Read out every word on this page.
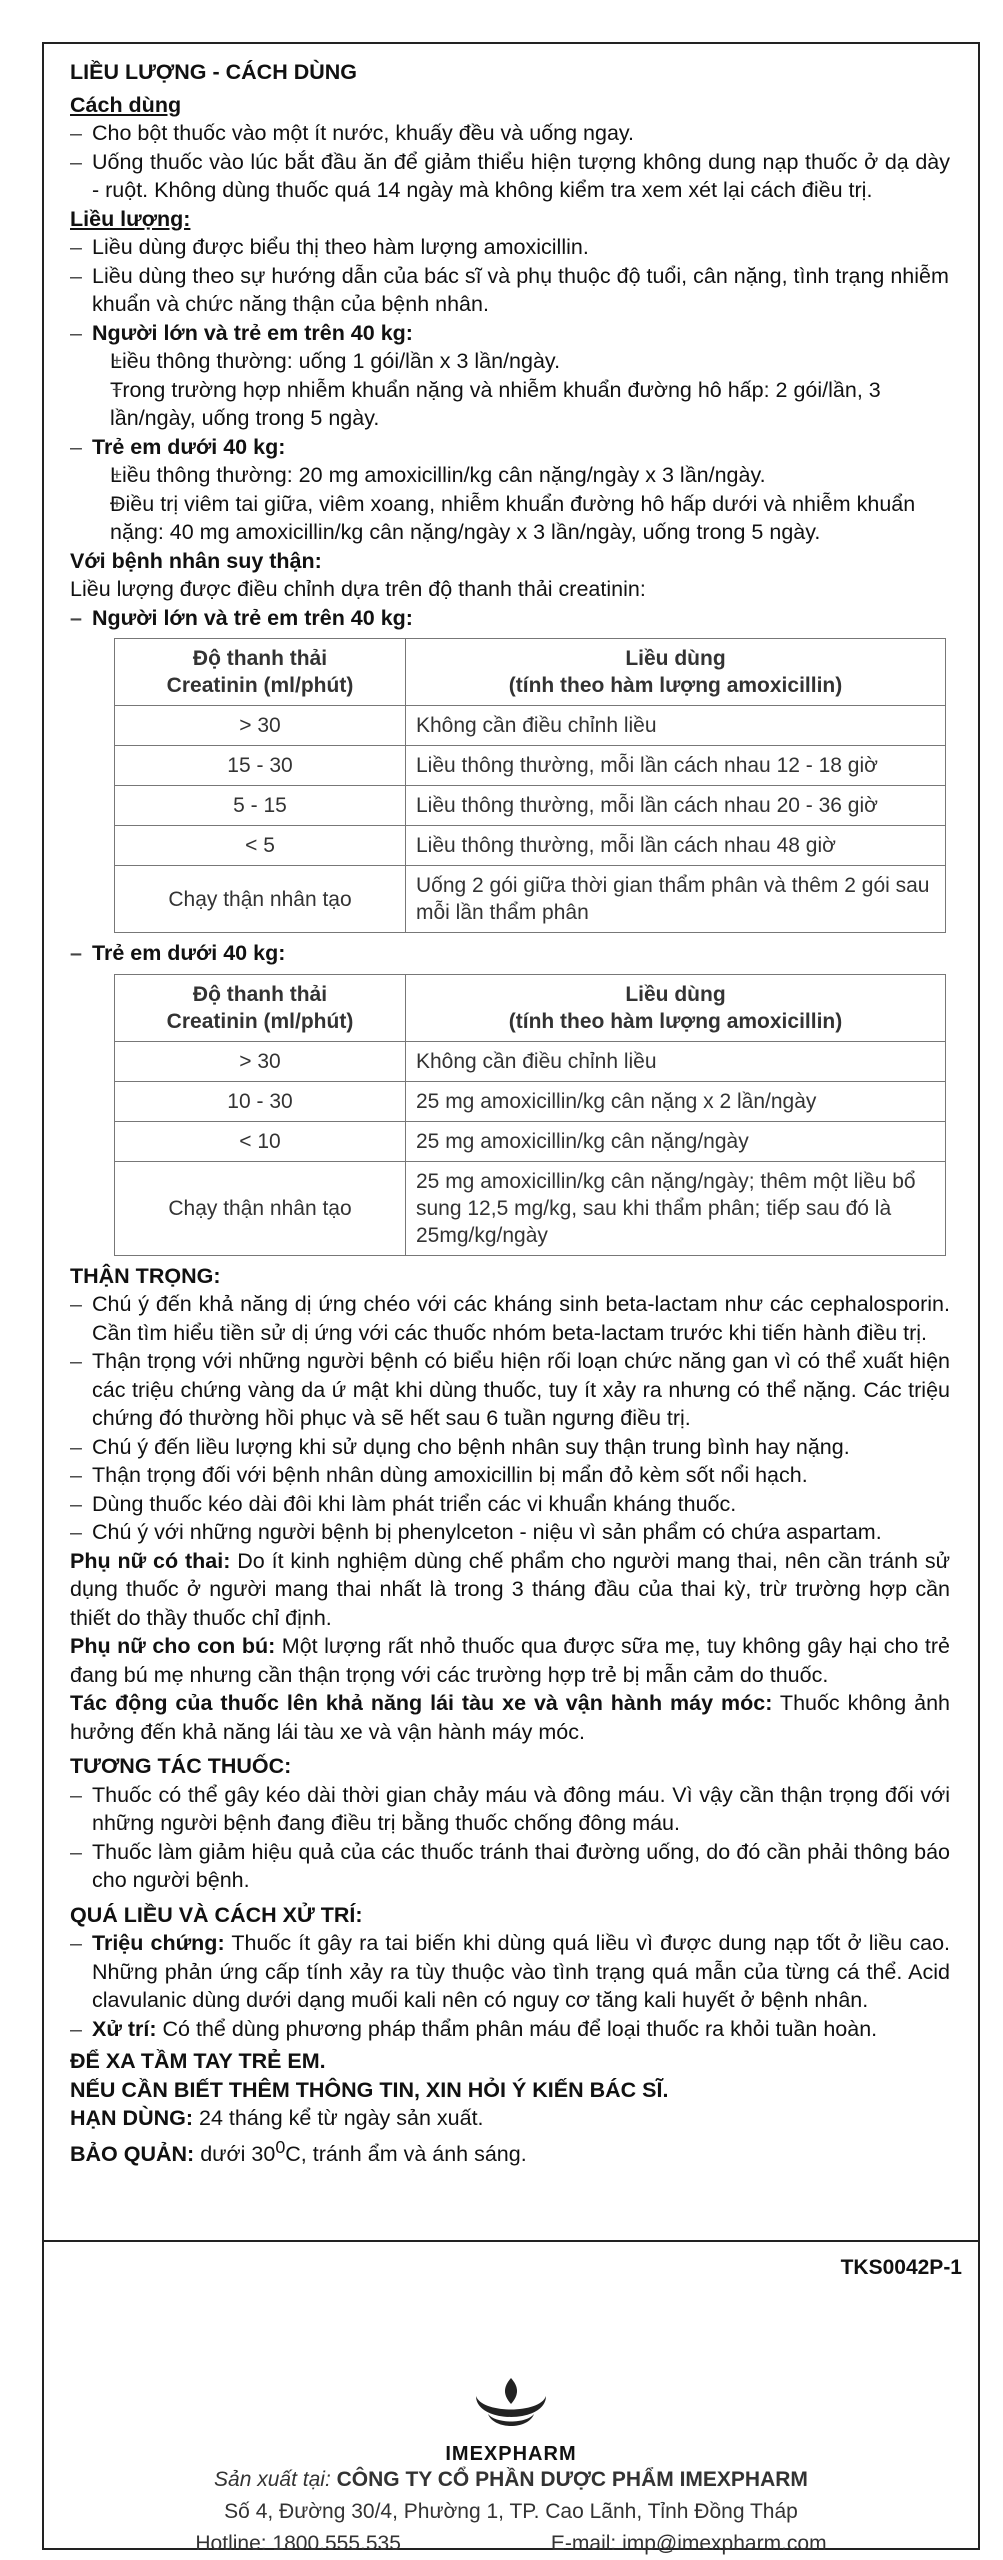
LIỀU LƯỢNG - CÁCH DÙNG

Cách dùng

– Cho bột thuốc vào một ít nước, khuấy đều và uống ngay.
– Uống thuốc vào lúc bắt đầu ăn để giảm thiểu hiện tượng không dung nạp thuốc ở dạ dày - ruột. Không dùng thuốc quá 14 ngày mà không kiểm tra xem xét lại cách điều trị.

Liều lượng:

– Liều dùng được biểu thị theo hàm lượng amoxicillin.
– Liều dùng theo sự hướng dẫn của bác sĩ và phụ thuộc độ tuổi, cân nặng, tình trạng nhiễm khuẩn và chức năng thận của bệnh nhân.
– Người lớn và trẻ em trên 40 kg:
+ Liều thông thường: uống 1 gói/lần x 3 lần/ngày.
+ Trong trường hợp nhiễm khuẩn nặng và nhiễm khuẩn đường hô hấp: 2 gói/lần, 3 lần/ngày, uống trong 5 ngày.
– Trẻ em dưới 40 kg:
+ Liều thông thường: 20 mg amoxicillin/kg cân nặng/ngày x 3 lần/ngày.
+ Điều trị viêm tai giữa, viêm xoang, nhiễm khuẩn đường hô hấp dưới và nhiễm khuẩn nặng: 40 mg amoxicillin/kg cân nặng/ngày x 3 lần/ngày, uống trong 5 ngày.

Với bệnh nhân suy thận:

Liều lượng được điều chỉnh dựa trên độ thanh thải creatinin:

– Người lớn và trẻ em trên 40 kg:
Độ thanh thải
Creatinin (ml/phút)	Liều dùng
(tính theo hàm lượng amoxicillin)
> 30	Không cần điều chỉnh liều
15 - 30	Liều thông thường, mỗi lần cách nhau 12 - 18 giờ
5 - 15	Liều thông thường, mỗi lần cách nhau 20 - 36 giờ
< 5	Liều thông thường, mỗi lần cách nhau 48 giờ
Chạy thận nhân tạo	Uống 2 gói giữa thời gian thẩm phân và thêm 2 gói sau mỗi lần thẩm phân
– Trẻ em dưới 40 kg:
Độ thanh thải
Creatinin (ml/phút)	Liều dùng
(tính theo hàm lượng amoxicillin)
> 30	Không cần điều chỉnh liều
10 - 30	25 mg amoxicillin/kg cân nặng x 2 lần/ngày
< 10	25 mg amoxicillin/kg cân nặng/ngày
Chạy thận nhân tạo	25 mg amoxicillin/kg cân nặng/ngày; thêm một liều bổ sung 12,5 mg/kg, sau khi thẩm phân; tiếp sau đó là 25mg/kg/ngày

THẬN TRỌNG:

– Chú ý đến khả năng dị ứng chéo với các kháng sinh beta-lactam như các cephalosporin. Cần tìm hiểu tiền sử dị ứng với các thuốc nhóm beta-lactam trước khi tiến hành điều trị.
– Thận trọng với những người bệnh có biểu hiện rối loạn chức năng gan vì có thể xuất hiện các triệu chứng vàng da ứ mật khi dùng thuốc, tuy ít xảy ra nhưng có thể nặng. Các triệu chứng đó thường hồi phục và sẽ hết sau 6 tuần ngưng điều trị.
– Chú ý đến liều lượng khi sử dụng cho bệnh nhân suy thận trung bình hay nặng.
– Thận trọng đối với bệnh nhân dùng amoxicillin bị mẩn đỏ kèm sốt nổi hạch.
– Dùng thuốc kéo dài đôi khi làm phát triển các vi khuẩn kháng thuốc.
– Chú ý với những người bệnh bị phenylceton - niệu vì sản phẩm có chứa aspartam.

Phụ nữ có thai: Do ít kinh nghiệm dùng chế phẩm cho người mang thai, nên cần tránh sử dụng thuốc ở người mang thai nhất là trong 3 tháng đầu của thai kỳ, trừ trường hợp cần thiết do thầy thuốc chỉ định.

Phụ nữ cho con bú: Một lượng rất nhỏ thuốc qua được sữa mẹ, tuy không gây hại cho trẻ đang bú mẹ nhưng cần thận trọng với các trường hợp trẻ bị mẫn cảm do thuốc.

Tác động của thuốc lên khả năng lái tàu xe và vận hành máy móc: Thuốc không ảnh hưởng đến khả năng lái tàu xe và vận hành máy móc.

TƯƠNG TÁC THUỐC:

– Thuốc có thể gây kéo dài thời gian chảy máu và đông máu. Vì vậy cần thận trọng đối với những người bệnh đang điều trị bằng thuốc chống đông máu.
– Thuốc làm giảm hiệu quả của các thuốc tránh thai đường uống, do đó cần phải thông báo cho người bệnh.

QUÁ LIỀU VÀ CÁCH XỬ TRÍ:

– Triệu chứng: Thuốc ít gây ra tai biến khi dùng quá liều vì được dung nạp tốt ở liều cao. Những phản ứng cấp tính xảy ra tùy thuộc vào tình trạng quá mẫn của từng cá thể. Acid clavulanic dùng dưới dạng muối kali nên có nguy cơ tăng kali huyết ở bệnh nhân.
– Xử trí: Có thể dùng phương pháp thẩm phân máu để loại thuốc ra khỏi tuần hoàn.

ĐỂ XA TẦM TAY TRẺ EM.

NẾU CẦN BIẾT THÊM THÔNG TIN, XIN HỎI Ý KIẾN BÁC SĨ.

HẠN DÙNG: 24 tháng kể từ ngày sản xuất.

BẢO QUẢN: dưới $30^0C$, tránh ẩm và ánh sáng.

TKS0042P-1
IMEXPHARM
Sản xuất tại: CÔNG TY CỔ PHẦN DƯỢC PHẨM IMEXPHARM
Số 4, Đường 30/4, Phường 1, TP. Cao Lãnh, Tỉnh Đồng Tháp
Hotline: 1800.555.535	E-mail: imp@imexpharm.com
